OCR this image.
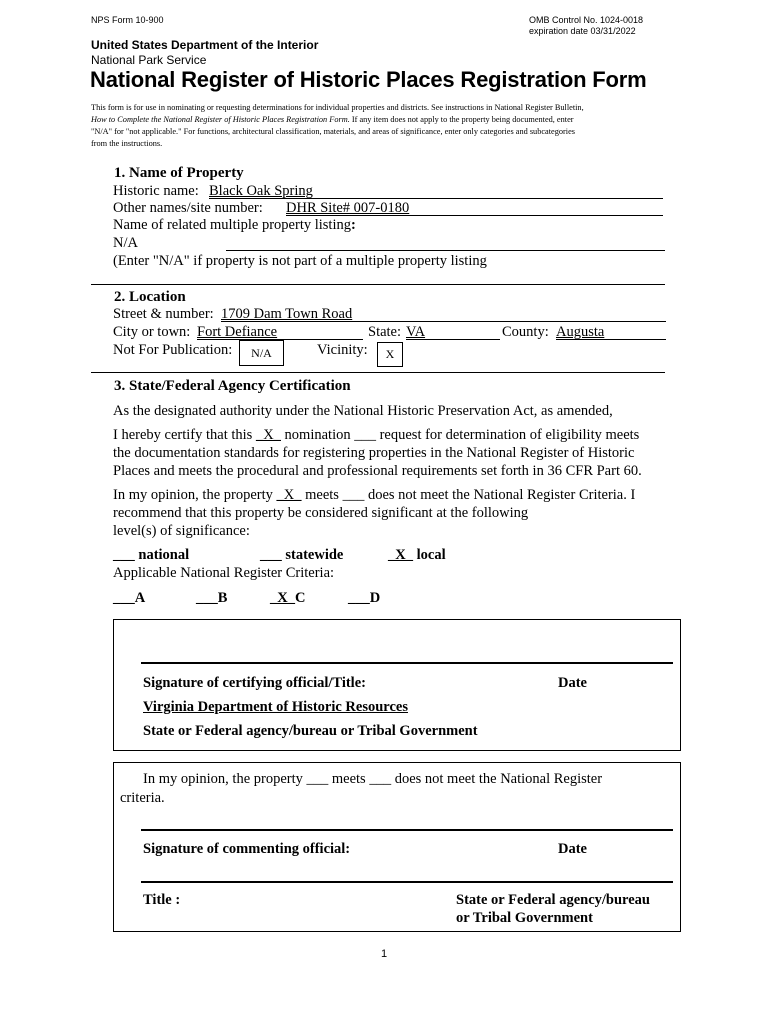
NPS Form 10-900	OMB Control No. 1024-0018
expiration date 03/31/2022
United States Department of the Interior
National Park Service
National Register of Historic Places Registration Form
This form is for use in nominating or requesting determinations for individual properties and districts. See instructions in National Register Bulletin,
How to Complete the National Register of Historic Places Registration Form. If any item does not apply to the property being documented, enter
"N/A" for "not applicable." For functions, architectural classification, materials, and areas of significance, enter only categories and subcategories
from the instructions.
1. Name of Property
Historic name: Black Oak Spring
Other names/site number: DHR Site# 007-0180
Name of related multiple property listing:
N/A
(Enter "N/A" if property is not part of a multiple property listing
2. Location
Street & number: 1709 Dam Town Road
City or town: Fort Defiance	State: VA	County: Augusta
Not For Publication:	N/A	Vicinity:	X
3. State/Federal Agency Certification
As the designated authority under the National Historic Preservation Act, as amended,
I hereby certify that this _X_ nomination ___ request for determination of eligibility meets
the documentation standards for registering properties in the National Register of Historic
Places and meets the procedural and professional requirements set forth in 36 CFR Part 60.
In my opinion, the property _X_ meets ___ does not meet the National Register Criteria. I
recommend that this property be considered significant at the following
level(s) of significance:
___ national	___ statewide	_X_ local
Applicable National Register Criteria:
___A	___B	_X_C	___D
Signature of certifying official/Title:	Date
Virginia Department of Historic Resources
State or Federal agency/bureau or Tribal Government
In my opinion, the property ___ meets ___ does not meet the National Register
criteria.
Signature of commenting official:	Date
Title :	State or Federal agency/bureau
or Tribal Government
1
